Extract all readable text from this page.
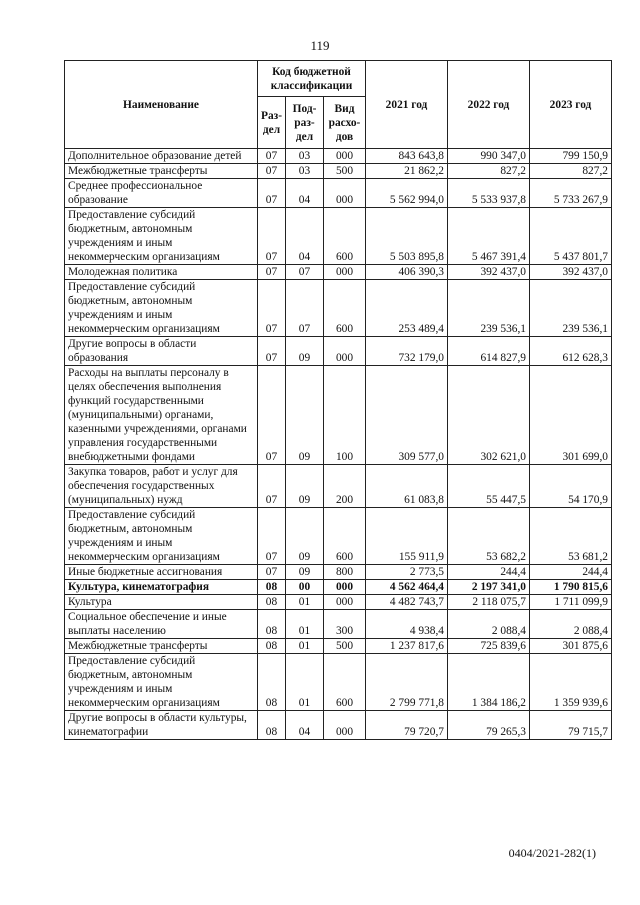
119
Наименование	Код бюджетной классификации			2021 год	2022 год	2023 год
	Раз- дел	Под- раз- дел	Вид расхо- дов			
Дополнительное образование детей	07	03	000	843 643,8	990 347,0	799 150,9
Межбюджетные трансферты	07	03	500	21 862,2	827,2	827,2
Среднее профессиональное образование	07	04	000	5 562 994,0	5 533 937,8	5 733 267,9
Предоставление субсидий бюджетным, автономным учреждениям и иным некоммерческим организациям	07	04	600	5 503 895,8	5 467 391,4	5 437 801,7
Молодежная политика	07	07	000	406 390,3	392 437,0	392 437,0
Предоставление субсидий бюджетным, автономным учреждениям и иным некоммерческим организациям	07	07	600	253 489,4	239 536,1	239 536,1
Другие вопросы в области образования	07	09	000	732 179,0	614 827,9	612 628,3
Расходы на выплаты персоналу в целях обеспечения выполнения функций государственными (муниципальными) органами, казенными учреждениями, органами управления государственными внебюджетными фондами	07	09	100	309 577,0	302 621,0	301 699,0
Закупка товаров, работ и услуг для обеспечения государственных (муниципальных) нужд	07	09	200	61 083,8	55 447,5	54 170,9
Предоставление субсидий бюджетным, автономным учреждениям и иным некоммерческим организациям	07	09	600	155 911,9	53 682,2	53 681,2
Иные бюджетные ассигнования	07	09	800	2 773,5	244,4	244,4
Культура, кинематография	08	00	000	4 562 464,4	2 197 341,0	1 790 815,6
Культура	08	01	000	4 482 743,7	2 118 075,7	1 711 099,9
Социальное обеспечение и иные выплаты населению	08	01	300	4 938,4	2 088,4	2 088,4
Межбюджетные трансферты	08	01	500	1 237 817,6	725 839,6	301 875,6
Предоставление субсидий бюджетным, автономным учреждениям и иным некоммерческим организациям	08	01	600	2 799 771,8	1 384 186,2	1 359 939,6
Другие вопросы в области культуры, кинематографии	08	04	000	79 720,7	79 265,3	79 715,7
0404/2021-282(1)
